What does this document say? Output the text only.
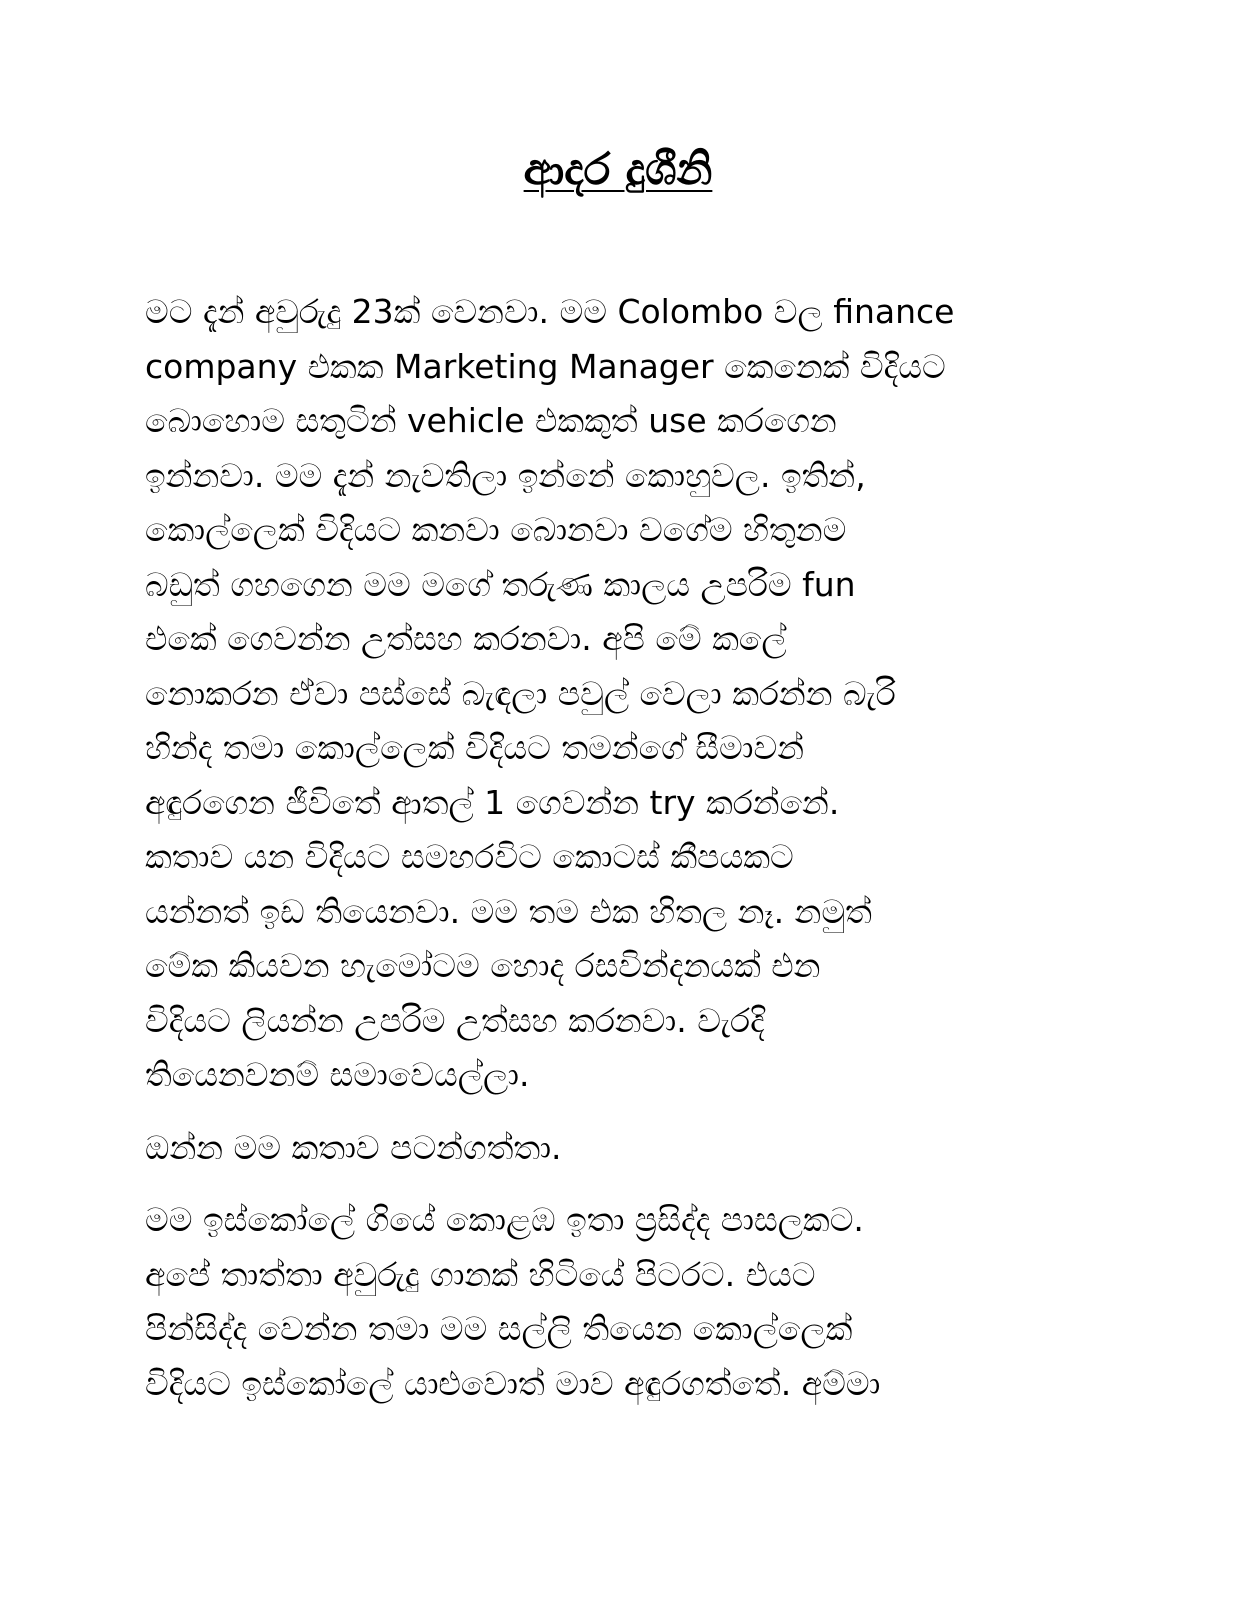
ආදර දුශීනි

මට දැන් අවුරුදු 23ක් වෙනවා. මම Colombo වල finance
company එකක Marketing Manager කෙනෙක් විදියට
බොහොම සතුටින් vehicle එකකුත් use කරගෙන
ඉන්නවා. මම දැන් නැවතිලා ඉන්නේ කොහුවල. ඉතින්,
කොල්ලෙක් විදියට කනවා බොනවා වගේම හිතුනම
බඩුත් ගහගෙන මම මගේ තරුණ කාලය උපරිම fun
එකේ ගෙවන්න උත්සහ කරනවා. අපි මේ කලේ
නොකරන ඒවා පස්සේ බැඳලා පවුල් වෙලා කරන්න බැරි
හින්ද තමා කොල්ලෙක් විදියට තමන්ගේ සීමාවන්
අඳුරගෙන ජීවිතේ ආතල් 1 ගෙවන්න try කරන්නේ.
කතාව යන විදියට සමහරවිට කොටස් කීපයකට
යන්නත් ඉඩ තියෙනවා. මම තම එක හිතල නෑ. නමුත්
මේක කියවන හැමෝටම හොද රසවින්දනයක් එන
විදියට ලියන්න උපරිම උත්සහ කරනවා. වැරදි
තියෙනවනම් සමාවෙයල්ලා.

ඔන්න මම කතාව පටන්ගත්තා.

මම ඉස්කෝලේ ගියේ කොළඹ ඉතා ප්‍රසිද්ද පාසලකට.
අපේ තාත්තා අවුරුදු ගානක් හිටියේ පිටරට. එයට
පින්සිද්ද වෙන්න තමා මම සල්ලි තියෙන කොල්ලෙක්
විදියට ඉස්කෝලේ යාළුවොත් මාව අඳුරගත්තේ. අම්මා
